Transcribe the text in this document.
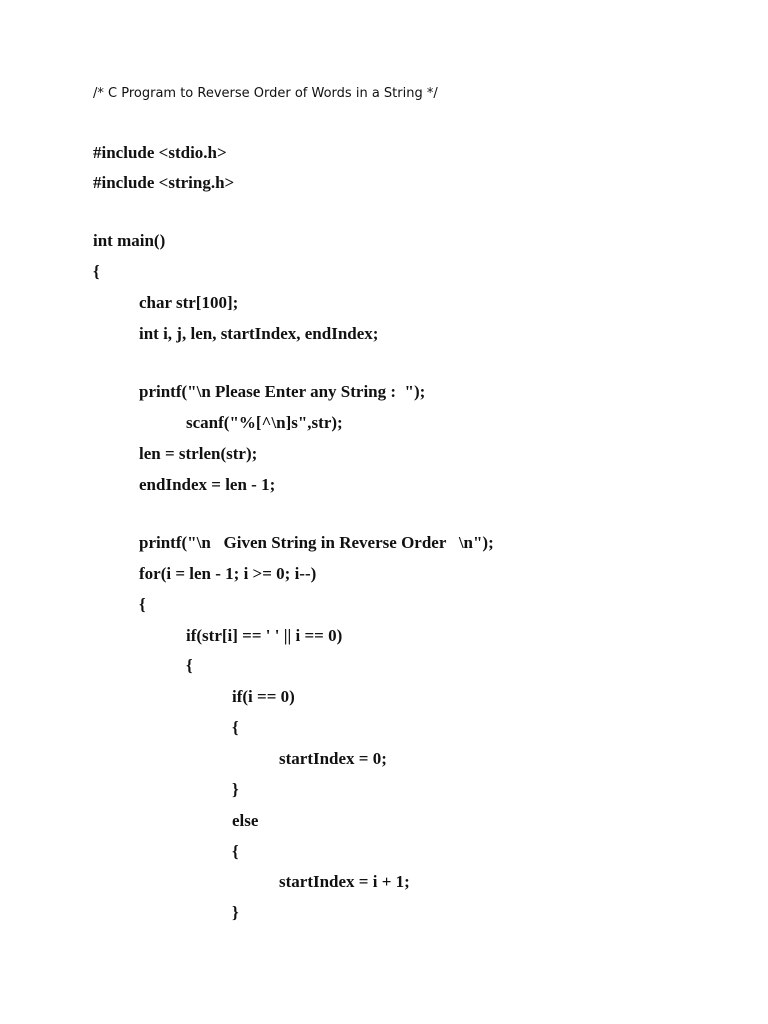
/* C Program to Reverse Order of Words in a String */
#include <stdio.h>
#include <string.h>
int main()
{
char str[100];
int i, j, len, startIndex, endIndex;
printf("\n Please Enter any String :  ");
scanf("%[^\n]s",str);
len = strlen(str);
endIndex = len - 1;
printf("\n   Given String in Reverse Order   \n");
for(i = len - 1; i >= 0; i--)
{
if(str[i] == ' ' || i == 0)
{
if(i == 0)
{
startIndex = 0;
}
else
{
startIndex = i + 1;
}
